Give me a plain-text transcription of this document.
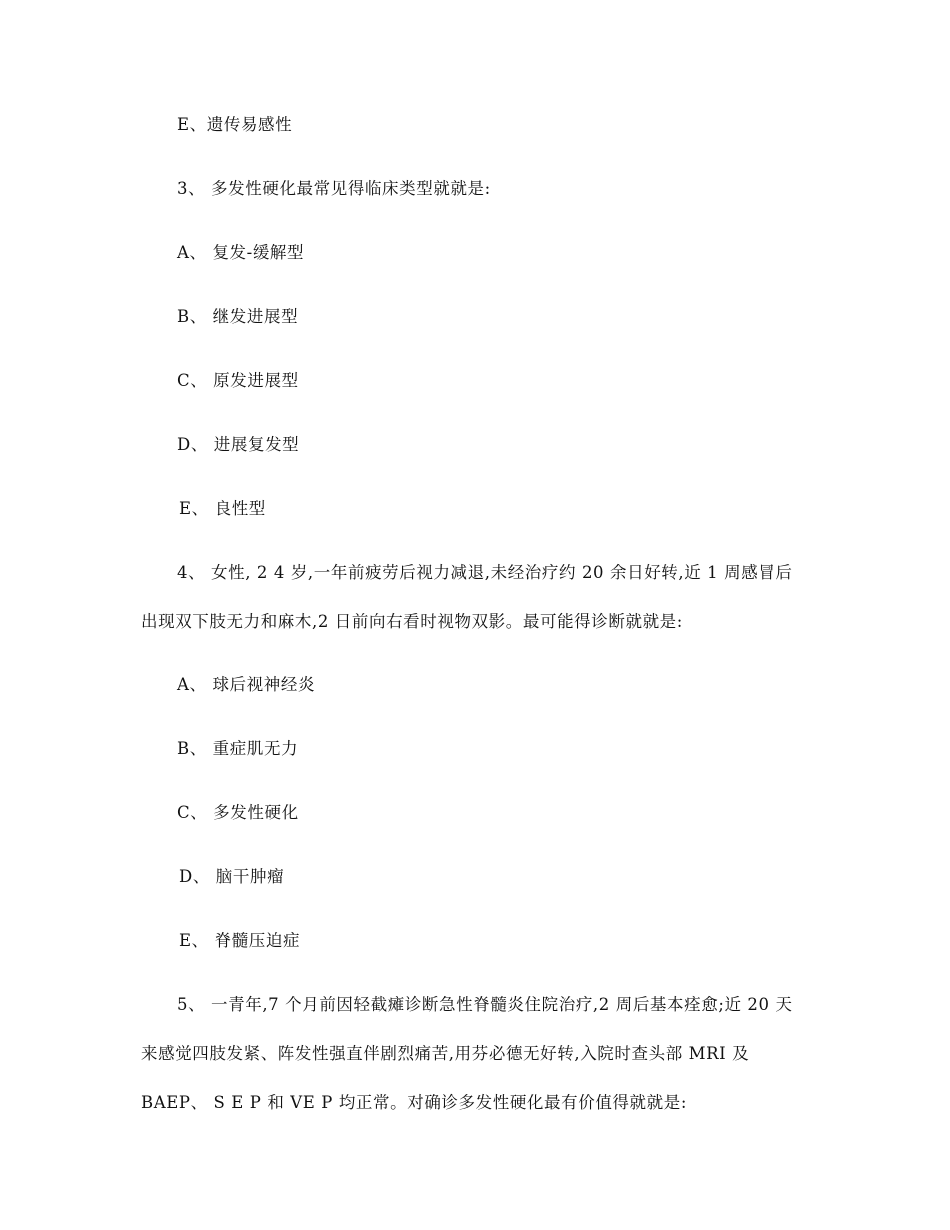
E、遗传易感性
3、 多发性硬化最常见得临床类型就就是:
A、 复发-缓解型
B、 继发进展型
C、 原发进展型
D、 进展复发型
E、 良性型
4、 女性, 2 4 岁,一年前疲劳后视力减退,未经治疗约 20 余日好转,近 1 周感冒后
出现双下肢无力和麻木,2 日前向右看时视物双影。最可能得诊断就就是:
A、 球后视神经炎
B、 重症肌无力
C、 多发性硬化
D、 脑干肿瘤
E、 脊髓压迫症
5、 一青年,7 个月前因轻截瘫诊断急性脊髓炎住院治疗,2 周后基本痊愈;近 20 天
来感觉四肢发紧、阵发性强直伴剧烈痛苦,用芬必德无好转,入院时查头部 MRI 及
BAEP、 S E P 和 VE P 均正常。对确诊多发性硬化最有价值得就就是:
